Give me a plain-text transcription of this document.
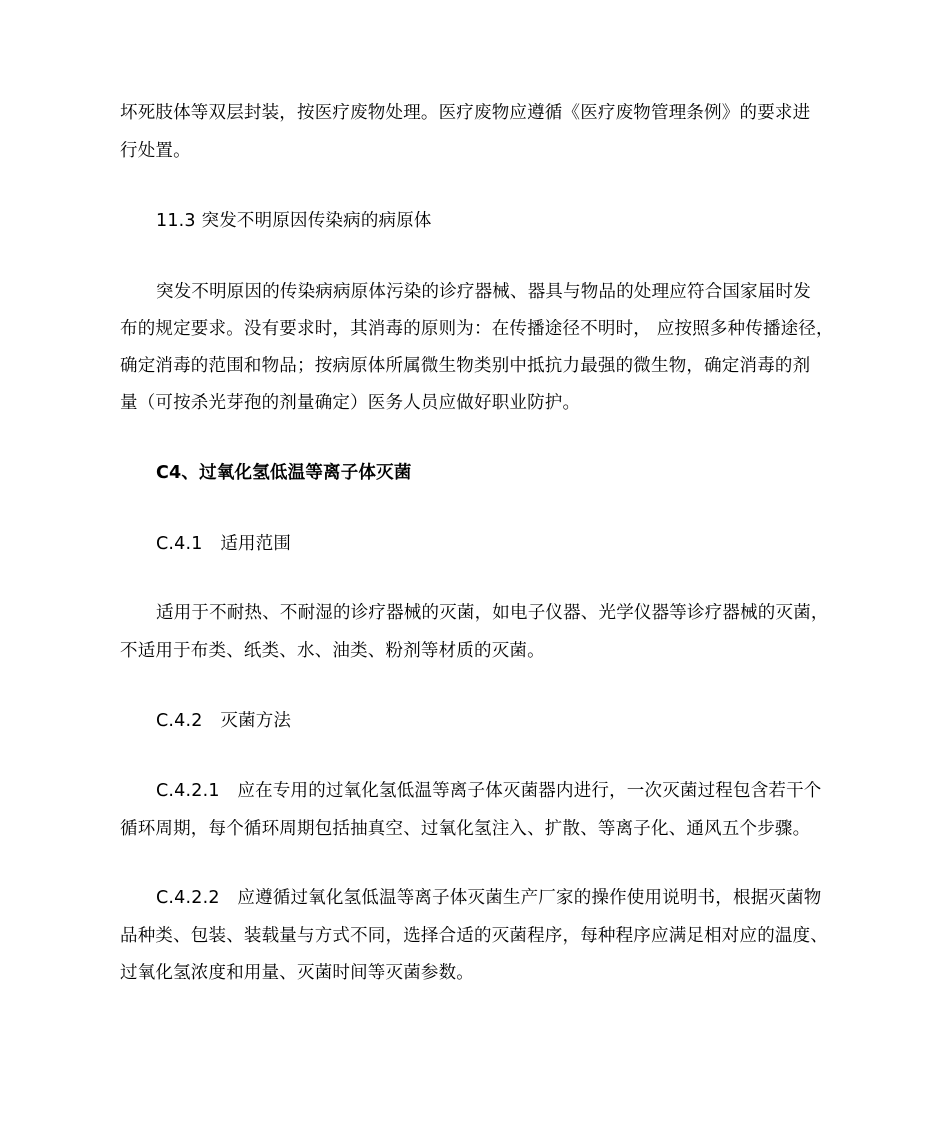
坏死肢体等双层封装，按医疗废物处理。医疗废物应遵循《医疗废物管理条例》的要求进
行处置。
11.3 突发不明原因传染病的病原体
突发不明原因的传染病病原体污染的诊疗器械、器具与物品的处理应符合国家届时发
布的规定要求。没有要求时，其消毒的原则为：在传播途径不明时， 应按照多种传播途径，
确定消毒的范围和物品；按病原体所属微生物类别中抵抗力最强的微生物，确定消毒的剂
量（可按杀光芽孢的剂量确定）医务人员应做好职业防护。
C4、过氧化氢低温等离子体灭菌
C.4.1　适用范围
适用于不耐热、不耐湿的诊疗器械的灭菌，如电子仪器、光学仪器等诊疗器械的灭菌，
不适用于布类、纸类、水、油类、粉剂等材质的灭菌。
C.4.2　灭菌方法
C.4.2.1　应在专用的过氧化氢低温等离子体灭菌器内进行，一次灭菌过程包含若干个
循环周期，每个循环周期包括抽真空、过氧化氢注入、扩散、等离子化、通风五个步骤。
C.4.2.2　应遵循过氧化氢低温等离子体灭菌生产厂家的操作使用说明书，根据灭菌物
品种类、包装、装载量与方式不同，选择合适的灭菌程序，每种程序应满足相对应的温度、
过氧化氢浓度和用量、灭菌时间等灭菌参数。
